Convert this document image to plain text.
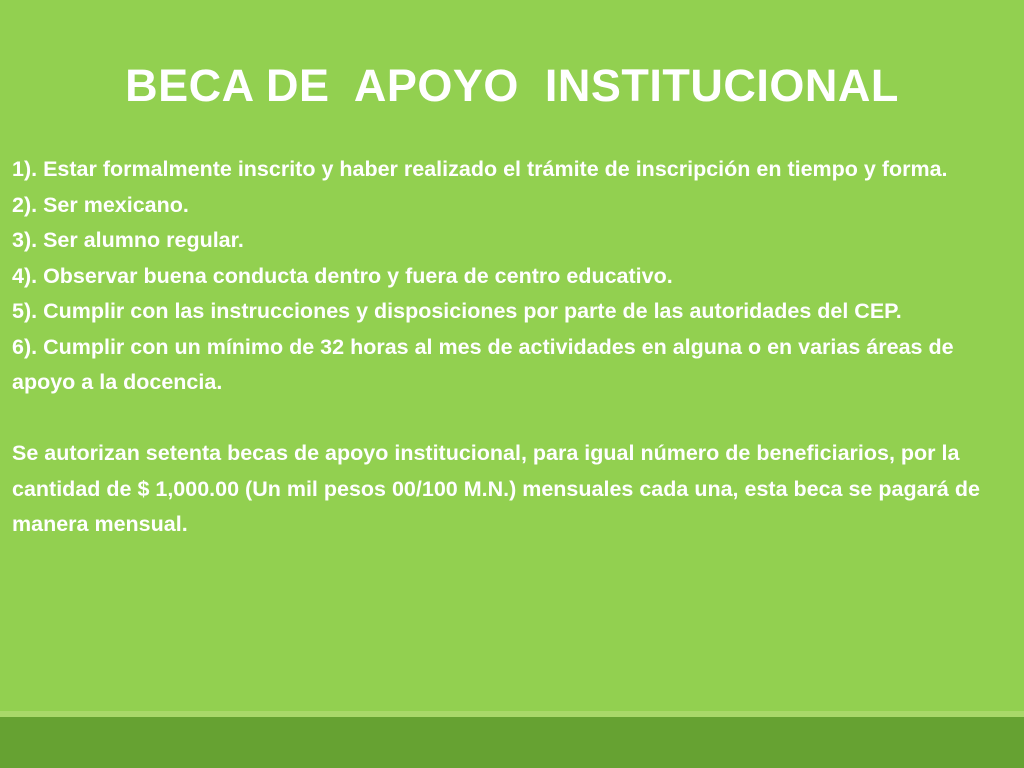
BECA DE  APOYO  INSTITUCIONAL

1). Estar formalmente inscrito y haber realizado el trámite de inscripción en tiempo y forma.

2). Ser mexicano.

3). Ser alumno regular.

4). Observar buena conducta dentro y fuera de centro educativo.

5). Cumplir con las instrucciones y disposiciones por parte de las autoridades del CEP.

6). Cumplir con un mínimo de 32 horas al mes de actividades en alguna o en varias áreas de apoyo a la docencia.

Se autorizan setenta becas de apoyo institucional, para igual número de beneficiarios, por la cantidad de $ 1,000.00 (Un mil pesos 00/100 M.N.) mensuales cada una, esta beca se pagará de manera mensual.
